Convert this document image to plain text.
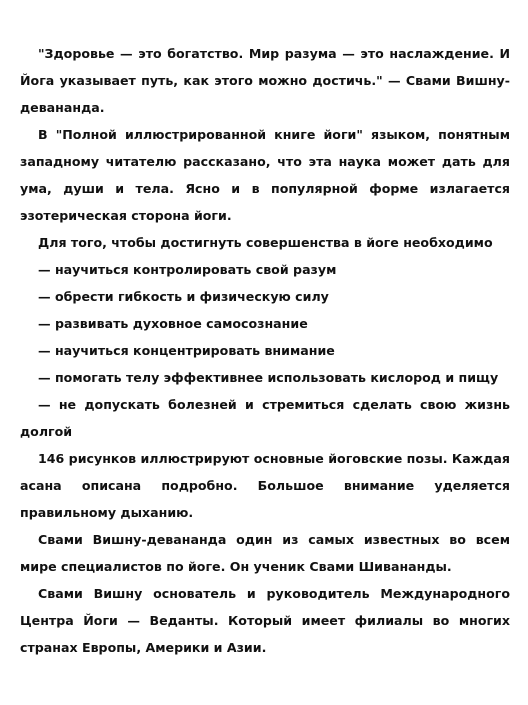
"Здоровье — это богатство. Мир разума — это наслаждение. И Йога указывает путь, как этого можно достичь." — Свами Вишну-девананда.

В "Полной иллюстрированной книге йоги" языком, понятным западному читателю рассказано, что эта наука может дать для ума, души и тела. Ясно и в популярной форме излагается эзотерическая сторона йоги.

Для того, чтобы достигнуть совершенства в йоге необходимо

— научиться контролировать свой разум

— обрести гибкость и физическую силу

— развивать духовное самосознание

— научиться концентрировать внимание

— помогать телу эффективнее использовать кислород и пищу

— не допускать болезней и стремиться сделать свою жизнь долгой

146 рисунков иллюстрируют основные йоговские позы. Каждая асана описана подробно. Большое внимание уделяется правильному дыханию.

Свами Вишну-девананда один из самых известных во всем мире специалистов по йоге. Он ученик Свами Шивананды.

Свами Вишну основатель и руководитель Международного Центра Йоги — Веданты. Который имеет филиалы во многих странах Европы, Америки и Азии.
